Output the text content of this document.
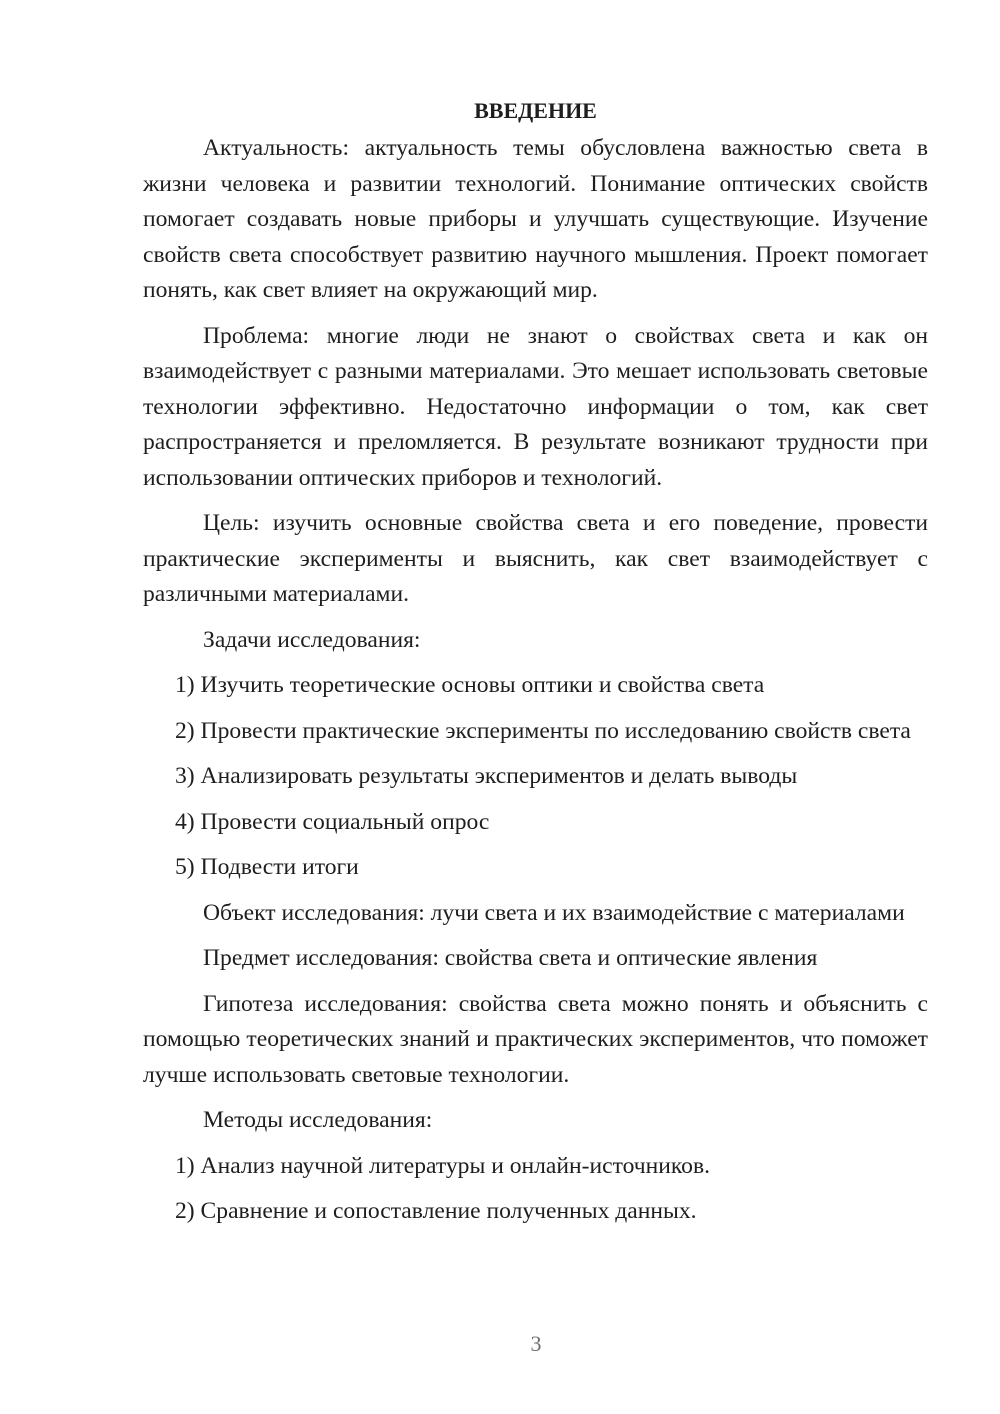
ВВЕДЕНИЕ

Актуальность: актуальность темы обусловлена важностью света в жизни человека и развитии технологий. Понимание оптических свойств помогает создавать новые приборы и улучшать существующие. Изучение свойств света способствует развитию научного мышления. Проект помогает понять, как свет влияет на окружающий мир.

Проблема: многие люди не знают о свойствах света и как он взаимодействует с разными материалами. Это мешает использовать световые технологии эффективно. Недостаточно информации о том, как свет распространяется и преломляется. В результате возникают трудности при использовании оптических приборов и технологий.

Цель: изучить основные свойства света и его поведение, провести практические эксперименты и выяснить, как свет взаимодействует с различными материалами.

Задачи исследования:

1) Изучить теоретические основы оптики и свойства света

2) Провести практические эксперименты по исследованию свойств света

3) Анализировать результаты экспериментов и делать выводы

4) Провести социальный опрос

5) Подвести итоги

Объект исследования: лучи света и их взаимодействие с материалами

Предмет исследования: свойства света и оптические явления

Гипотеза исследования: свойства света можно понять и объяснить с помощью теоретических знаний и практических экспериментов, что поможет лучше использовать световые технологии.

Методы исследования:

1) Анализ научной литературы и онлайн-источников.

2) Сравнение и сопоставление полученных данных.

3
